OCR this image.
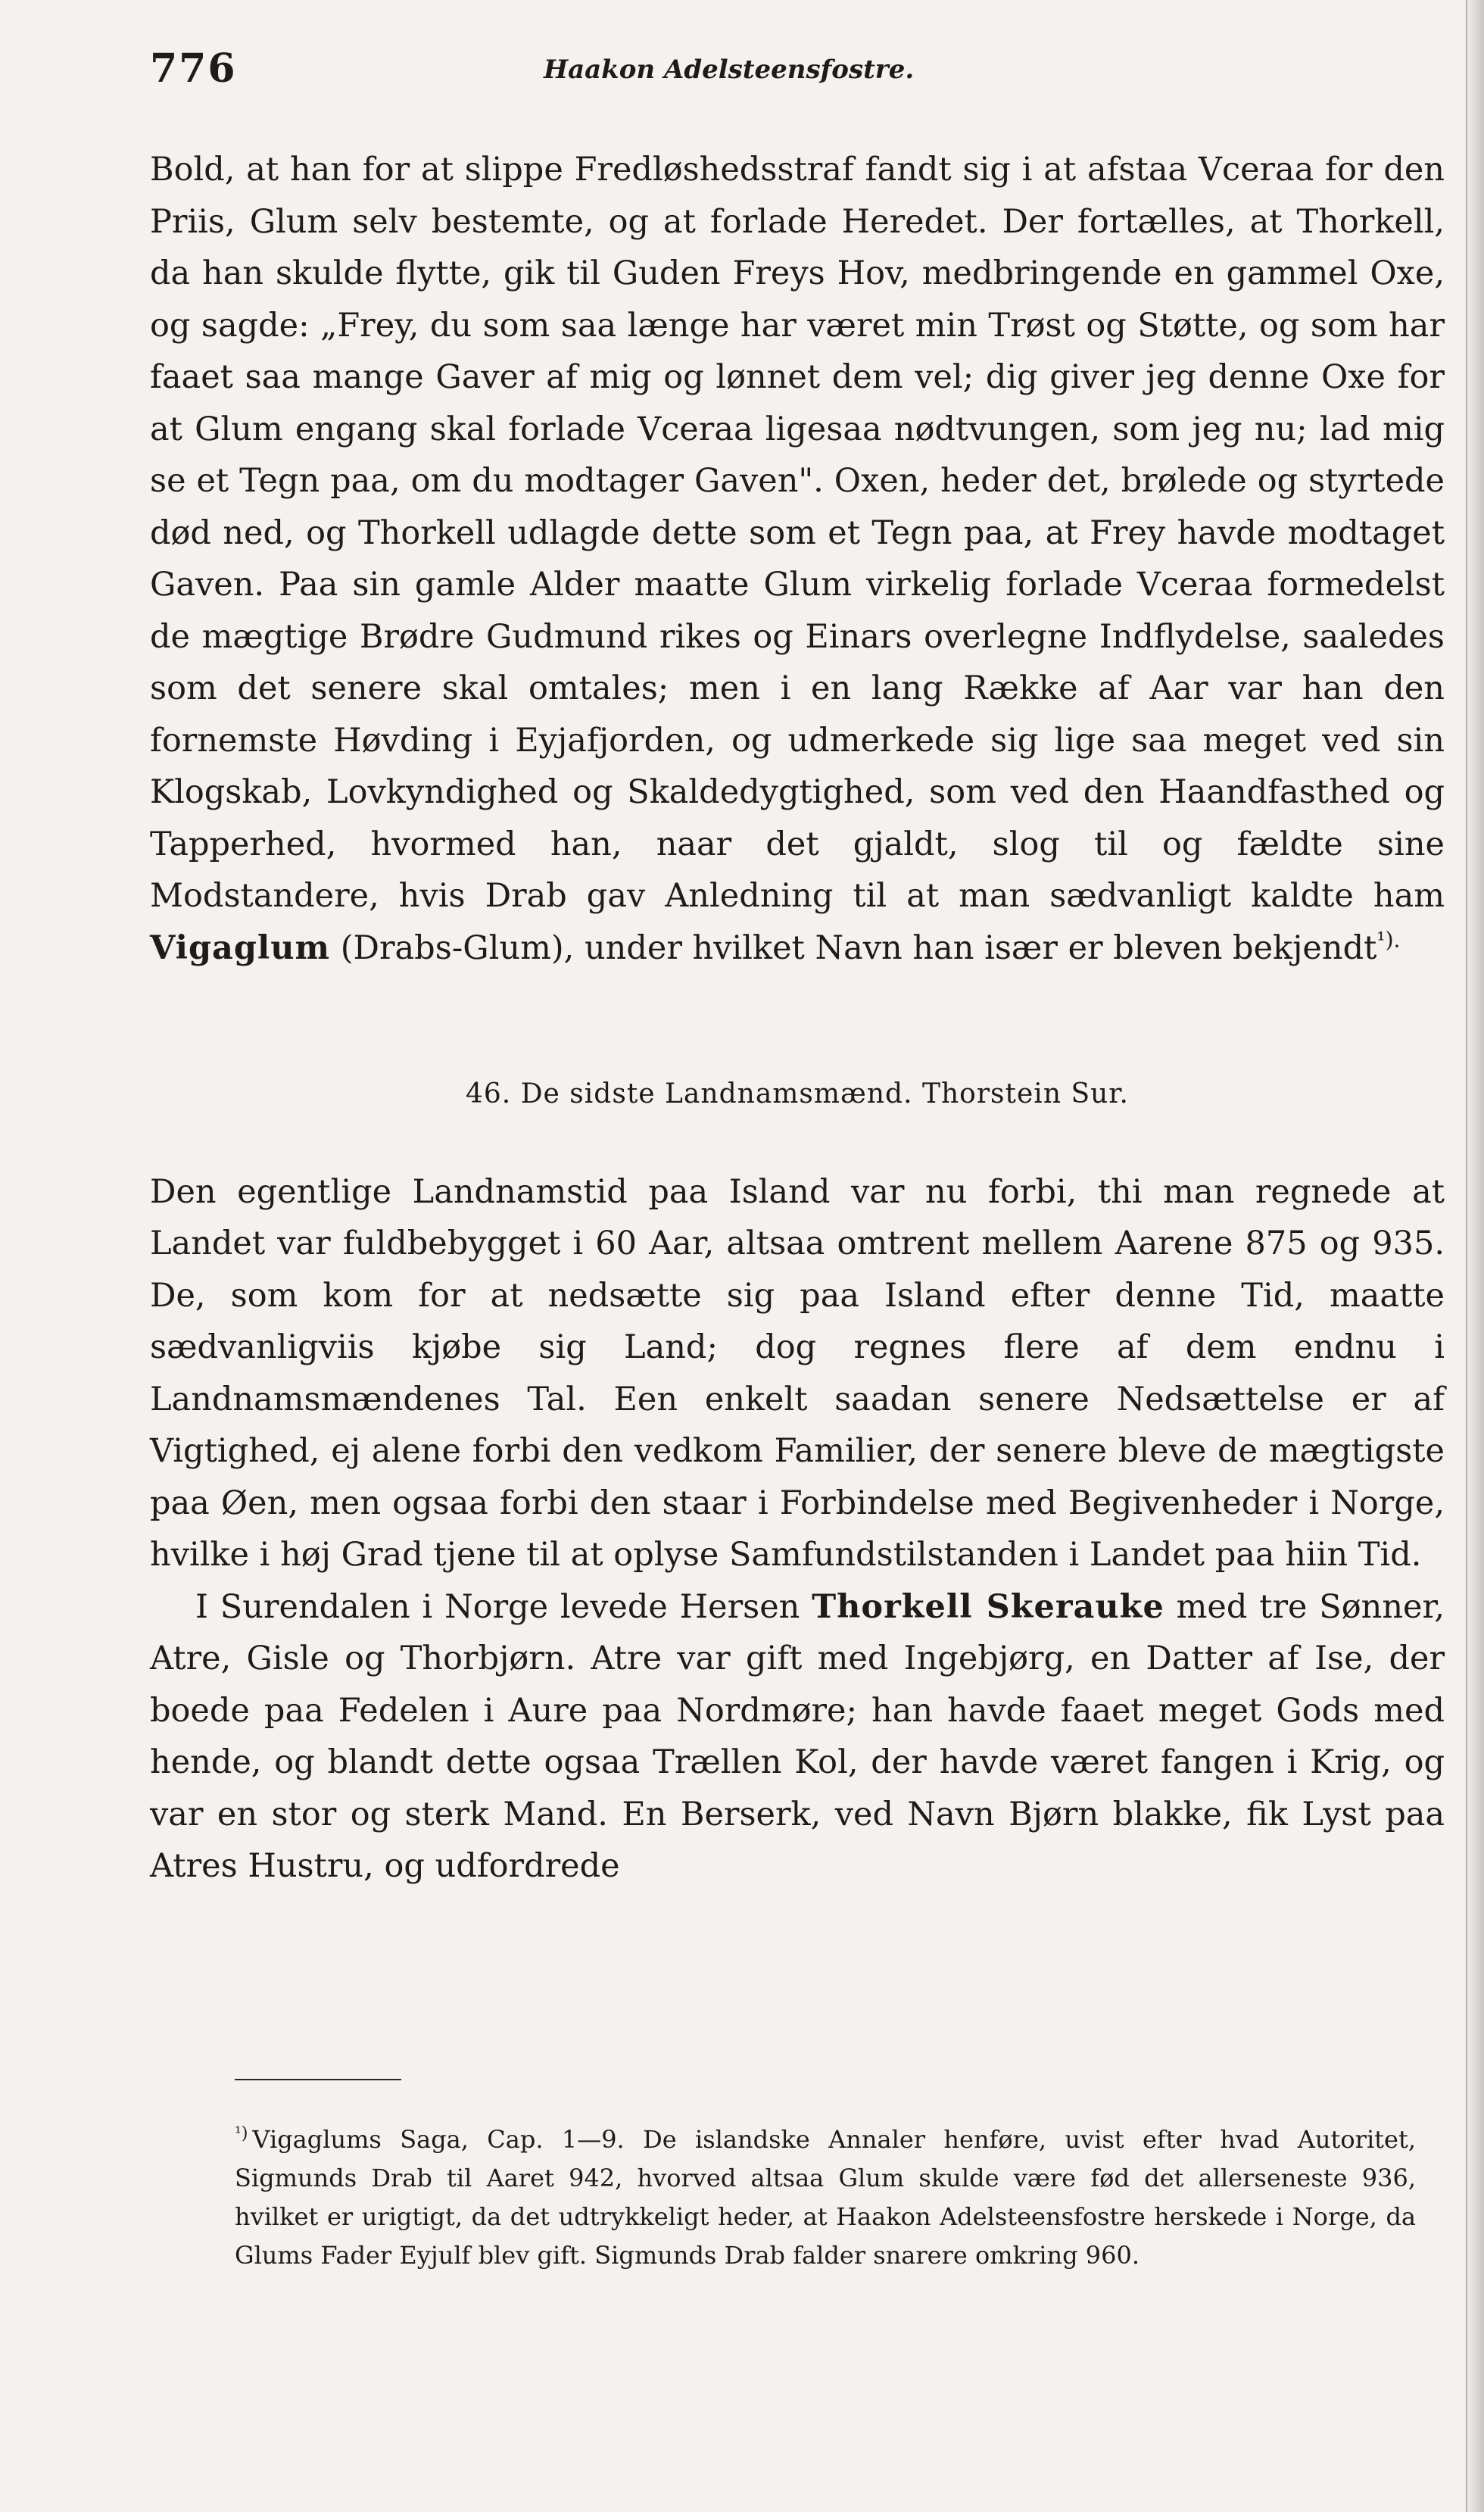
776	Haakon Adelsteensfostre.

Bold, at han for at slippe Fredløshedsstraf fandt sig i at afstaa Vceraa for den Priis, Glum selv bestemte, og at forlade Heredet. Der fortælles, at Thorkell, da han skulde flytte, gik til Guden Freys Hov, medbringende en gammel Oxe, og sagde: „Frey, du som saa længe har været min Trøst og Støtte, og som har faaet saa mange Gaver af mig og lønnet dem vel; dig giver jeg denne Oxe for at Glum engang skal forlade Vceraa ligesaa nødtvungen, som jeg nu; lad mig se et Tegn paa, om du modtager Gaven". Oxen, heder det, brølede og styrtede død ned, og Thorkell udlagde dette som et Tegn paa, at Frey havde modtaget Gaven. Paa sin gamle Alder maatte Glum virkelig forlade Vceraa formedelst de mægtige Brødre Gudmund rikes og Einars overlegne Indflydelse, saaledes som det senere skal omtales; men i en lang Række af Aar var han den fornemste Høvding i Eyjafjorden, og udmerkede sig lige saa meget ved sin Klogskab, Lovkyndighed og Skaldedygtighed, som ved den Haandfasthed og Tapperhed, hvormed han, naar det gjaldt, slog til og fældte sine Modstandere, hvis Drab gav Anledning til at man sædvanligt kaldte ham Vigaglum (Drabs-Glum), under hvilket Navn han især er bleven bekjendt$^{^1).}$

46. De sidste Landnamsmænd. Thorstein Sur.

Den egentlige Landnamstid paa Island var nu forbi, thi man regnede at Landet var fuldbebygget i 60 Aar, altsaa omtrent mellem Aarene 875 og 935. De, som kom for at nedsætte sig paa Island efter denne Tid, maatte sædvanligviis kjøbe sig Land; dog regnes flere af dem endnu i Landnamsmændenes Tal. Een enkelt saadan senere Nedsættelse er af Vigtighed, ej alene forbi den vedkom Familier, der senere bleve de mægtigste paa Øen, men ogsaa forbi den staar i Forbindelse med Begivenheder i Norge, hvilke i høj Grad tjene til at oplyse Samfundstilstanden i Landet paa hiin Tid.

I Surendalen i Norge levede Hersen Thorkell Skerauke med tre Sønner, Atre, Gisle og Thorbjørn. Atre var gift med Ingebjørg, en Datter af Ise, der boede paa Fedelen i Aure paa Nordmøre; han havde faaet meget Gods med hende, og blandt dette ogsaa Trællen Kol, der havde været fangen i Krig, og var en stor og sterk Mand. En Berserk, ved Navn Bjørn blakke, fik Lyst paa Atres Hustru, og udfordrede

$^{^1)}$ Vigaglums Saga, Cap. 1—9. De islandske Annaler henføre, uvist efter hvad Autoritet, Sigmunds Drab til Aaret 942, hvorved altsaa Glum skulde være fød det allerseneste 936, hvilket er urigtigt, da det udtrykkeligt heder, at Haakon Adelsteensfostre herskede i Norge, da Glums Fader Eyjulf blev gift. Sigmunds Drab falder snarere omkring 960.
